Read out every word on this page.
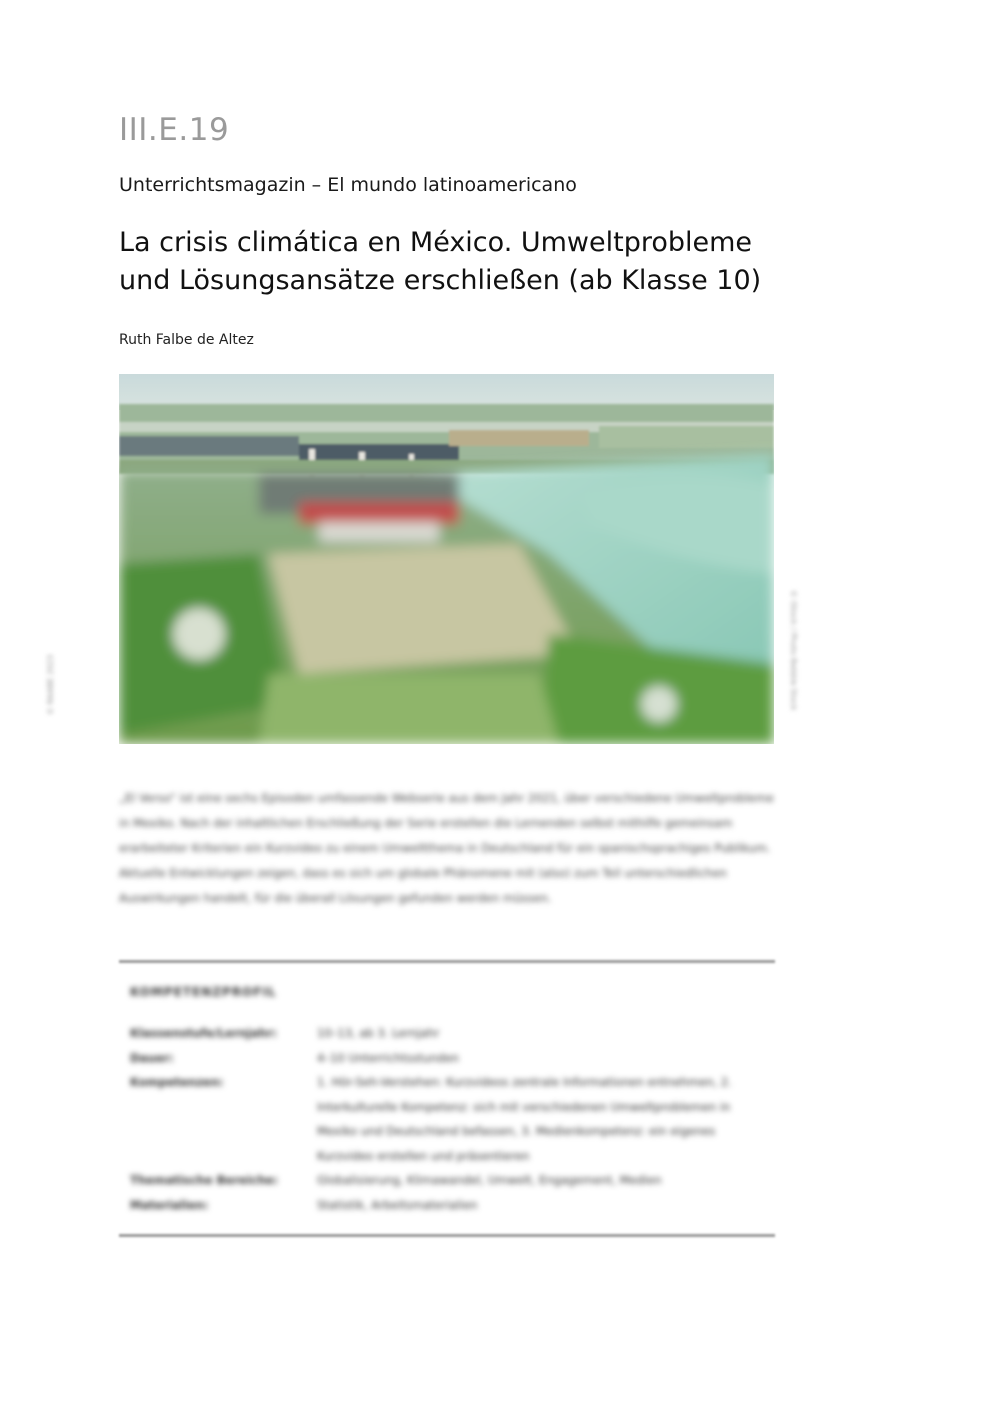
III.E.19
Unterrichtsmagazin – El mundo latinoamericano
La crisis climática en México. Umweltprobleme
und Lösungsansätze erschließen (ab Klasse 10)
Ruth Falbe de Altez
© iStock / Photo Bebble Stock
© RAABE 2023
„El Verso“ ist eine sechs Episoden umfassende Webserie aus dem Jahr 2021, über verschiedene Umweltprobleme in Mexiko. Nach der inhaltlichen Erschließung der Serie erstellen die Lernenden selbst mithilfe gemeinsam erarbeiteter Kriterien ein Kurzvideo zu einem Umweltthema in Deutschland für ein spanischsprachiges Publikum. Aktuelle Entwicklungen zeigen, dass es sich um globale Phänomene mit (also) zum Teil unterschiedlichen Auswirkungen handelt, für die überall Lösungen gefunden werden müssen.
KOMPETENZPROFIL
Klassenstufe/Lernjahr:	10–13, ab 3. Lernjahr
Dauer:	4–10 Unterrichtsstunden
Kompetenzen:	1. Hör-Seh-Verstehen: Kurzvideos zentrale Informationen entnehmen, 2. Interkulturelle Kompetenz: sich mit verschiedenen Umweltproblemen in Mexiko und Deutschland befassen, 3. Medienkompetenz: ein eigenes Kurzvideo erstellen und präsentieren
Thematische Bereiche:	Globalisierung, Klimawandel, Umwelt, Engagement, Medien
Materialien:	Statistik, Arbeitsmaterialien
